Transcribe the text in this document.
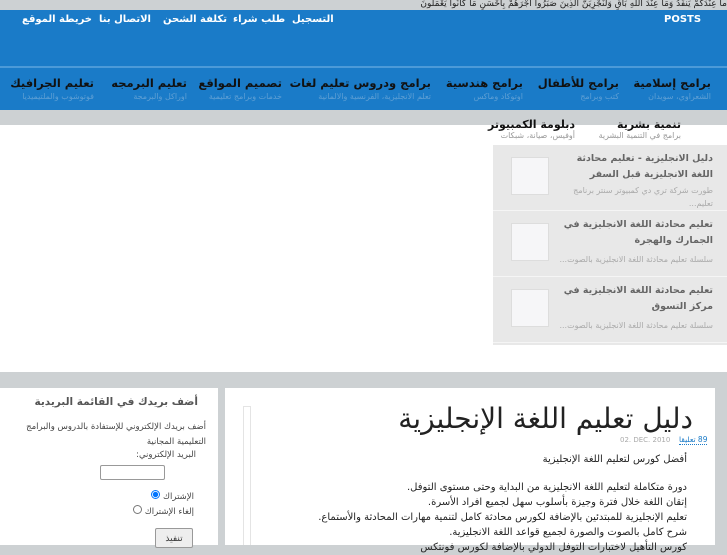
ما عِنْدَكُمْ يَنفَدُ وَمَا عِنْدَ اللَّهِ بَاقٍ وَلَنَجْزِيَنَّ الَّذِينَ صَبَرُوا أَجْرَهُمْ بِأَحْسَنِ مَا كَانُوا يَعْمَلُونَ
POSTS
التسجيل
طلب شراء
تكلفة الشحن
الاتصال بنا
خريطة الموقع
برامج إسلامية
الشعراوي، سويدان
برامج للأطفال
كتب وبرامج
برامج هندسية
اوتوكاد وماكس
برامج ودروس تعليم لغات
تعلم الانجليزية، الفرنسية والالمانية
تصميم المواقع
خدمات وبرامج تعليمية
تعليم البرمجه
اوراكل والبرمجة
تعليم الجرافيك
فوتوشوب والملتيميديا
دليل الانجليزية - تعليم محادثة اللغة الانجليزية قبل السفر
طورت شركة تري دي كمبيوتر سنتر برنامج تعليم...
تعليم محادثة اللغة الانجليزية في الجمارك والهجرة
سلسلة تعليم محادثة اللغة الانجليزية بالصوت...
تعليم محادثة اللغة الانجليزية في مركز التسوق
سلسلة تعليم محادثة اللغة الانجليزية بالصوت...
تنمية بشرية
برامج في التنمية البشرية
دبلومة الكمبيوتر
أوفيس، صيانة، شبكات
أضف بريدك في القائمة البريدية
أضف بريدك الإلكتروني للإستفادة بالدروس والبرامج التعليمية المجانية
البريد الإلكتروني:
الإشتراك
إلغاء الإشتراك
تنفيذ
دليل تعليم اللغة الإنجليزية
89 تعليقا
02. DEC. 2010
أفضل كورس لتعليم اللغة الإنجليزية
دورة متكاملة لتعليم اللغة الانجليزية من البداية وحتى مستوى التوفل.
إتقان اللغة خلال فترة وجيزة بأسلوب سهل لجميع افراد الأسرة.
تعليم الإنجليزية للمبتدئين بالإضافة لكورس محادثة كامل لتنمية مهارات المحادثة والأستماع.
شرح كامل بالصوت والصورة لجميع قواعد اللغة الانجليزية.
كورس التأهيل لاختبارات التوفل الدولي بالإضافة لكورس فونتكس
